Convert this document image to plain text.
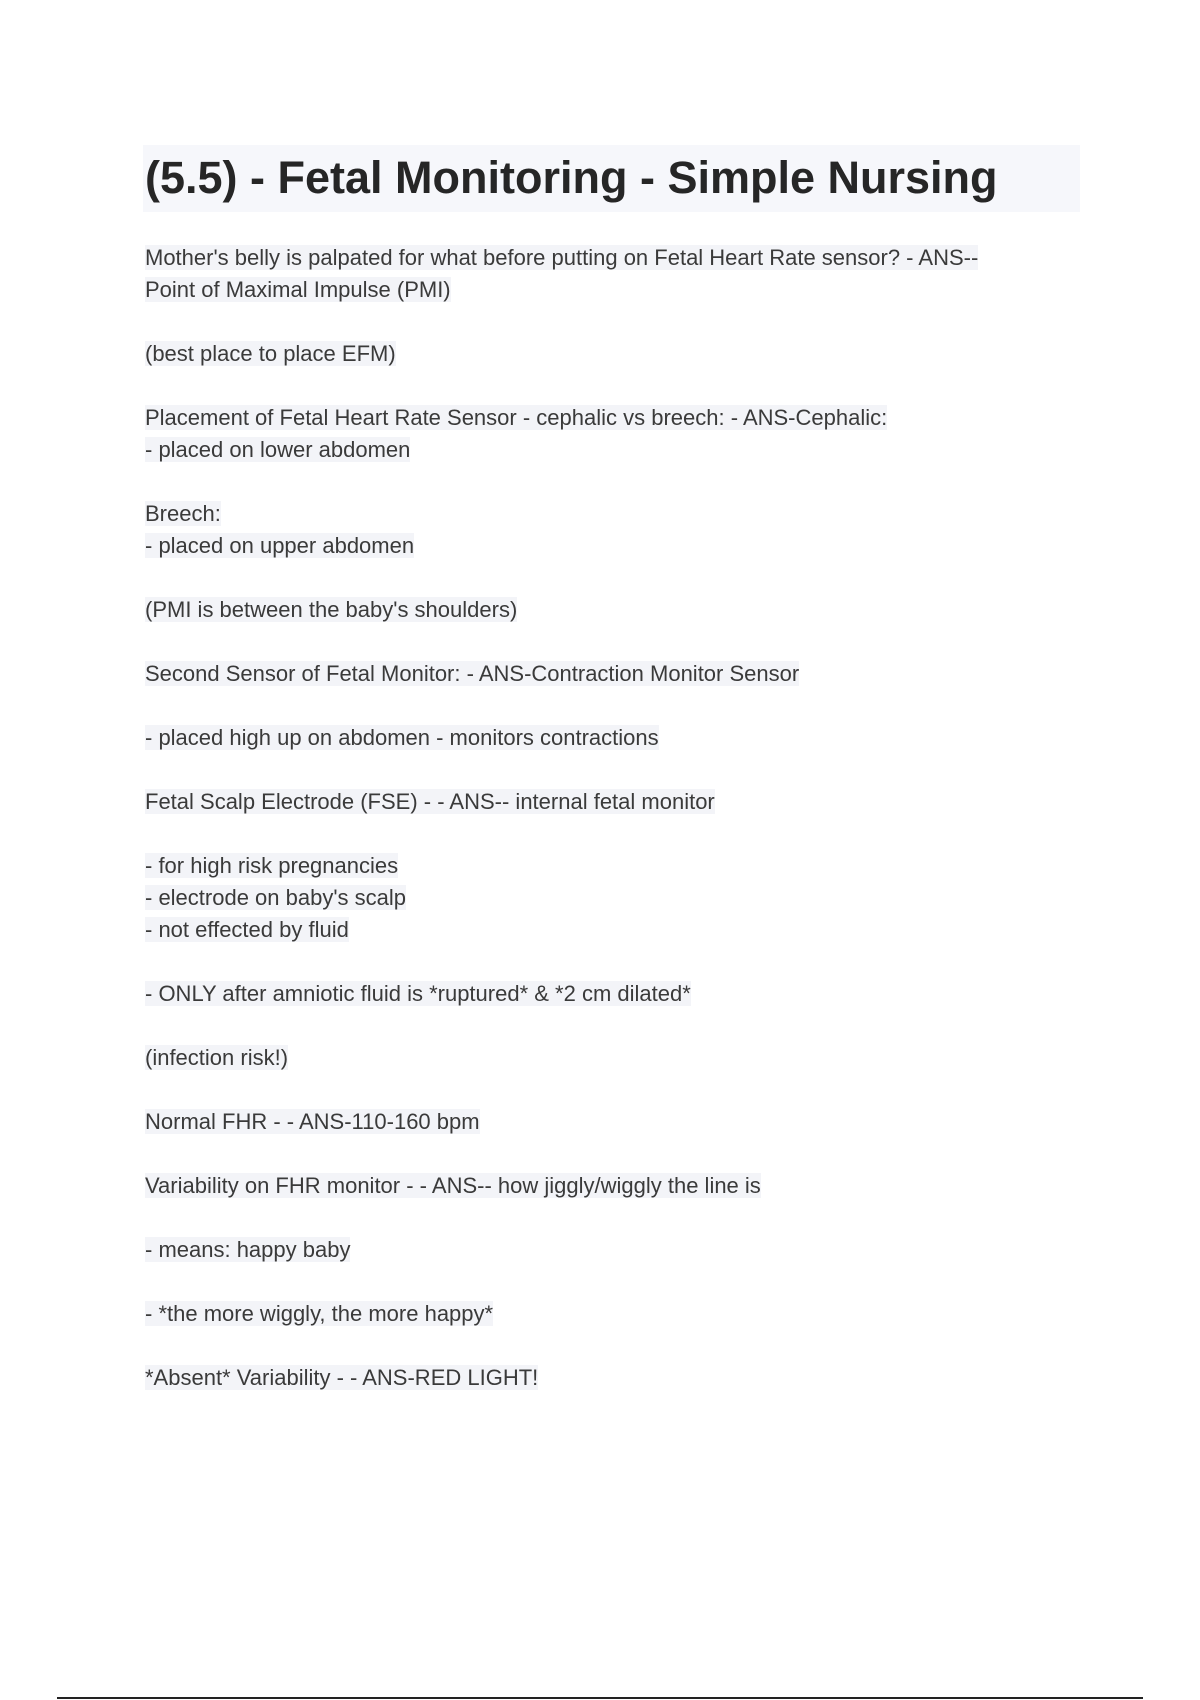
(5.5) - Fetal Monitoring - Simple Nursing
Mother's belly is palpated for what before putting on Fetal Heart Rate sensor? - ANS--
Point of Maximal Impulse (PMI)
(best place to place EFM)
Placement of Fetal Heart Rate Sensor - cephalic vs breech: - ANS-Cephalic:
- placed on lower abdomen
Breech:
- placed on upper abdomen
(PMI is between the baby's shoulders)
Second Sensor of Fetal Monitor: - ANS-Contraction Monitor Sensor
- placed high up on abdomen - monitors contractions
Fetal Scalp Electrode (FSE) - - ANS-- internal fetal monitor
- for high risk pregnancies
- electrode on baby's scalp
- not effected by fluid
- ONLY after amniotic fluid is *ruptured* & *2 cm dilated*
(infection risk!)
Normal FHR - - ANS-110-160 bpm
Variability on FHR monitor - - ANS-- how jiggly/wiggly the line is
- means: happy baby
- *the more wiggly, the more happy*
*Absent* Variability - - ANS-RED LIGHT!
